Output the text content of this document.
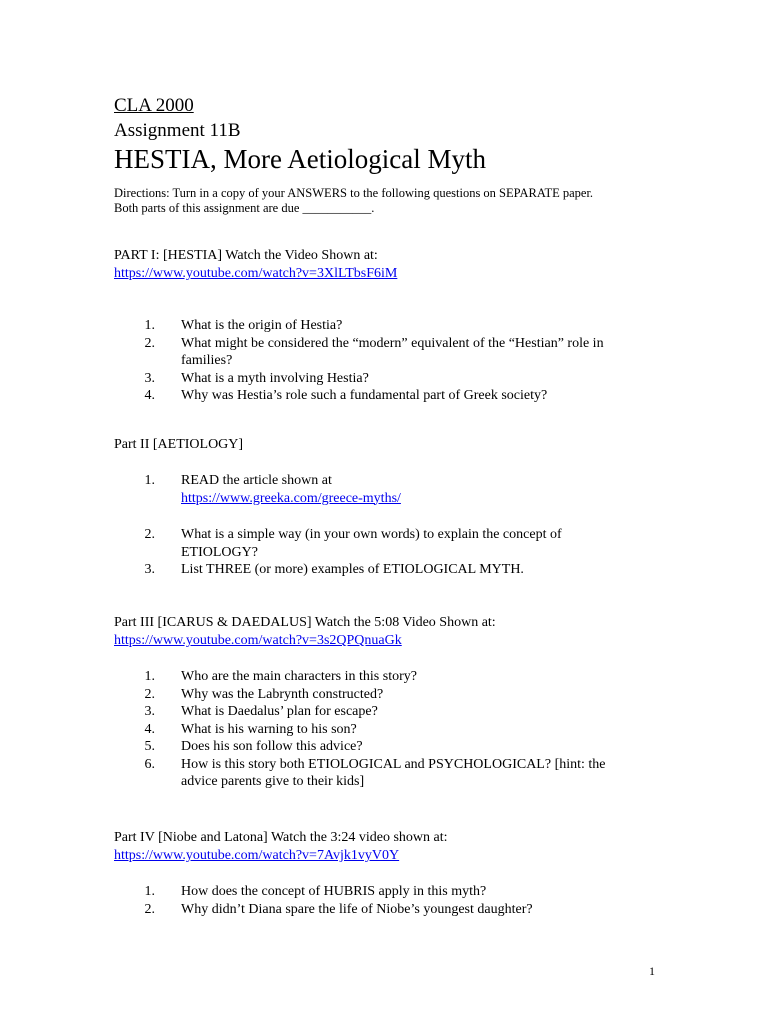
CLA 2000
Assignment 11B
HESTIA, More Aetiological Myth
Directions: Turn in a copy of your ANSWERS to the following questions on SEPARATE paper.
Both parts of this assignment are due ___________.
PART I: [HESTIA] Watch the Video Shown at:
https://www.youtube.com/watch?v=3XlLTbsF6iM
1. What is the origin of Hestia?
2. What might be considered the “modern” equivalent of the “Hestian” role in families?
3. What is a myth involving Hestia?
4. Why was Hestia’s role such a fundamental part of Greek society?
Part II [AETIOLOGY]
1. READ the article shown at
https://www.greeka.com/greece-myths/
2. What is a simple way (in your own words) to explain the concept of ETIOLOGY?
3. List THREE (or more) examples of ETIOLOGICAL MYTH.
Part III [ICARUS & DAEDALUS] Watch the 5:08 Video Shown at:
https://www.youtube.com/watch?v=3s2QPQnuaGk
1. Who are the main characters in this story?
2. Why was the Labrynth constructed?
3. What is Daedalus’ plan for escape?
4. What is his warning to his son?
5. Does his son follow this advice?
6. How is this story both ETIOLOGICAL and PSYCHOLOGICAL? [hint: the advice parents give to their kids]
Part IV [Niobe and Latona] Watch the 3:24 video shown at:
https://www.youtube.com/watch?v=7Avjk1vyV0Y
1. How does the concept of HUBRIS apply in this myth?
2. Why didn’t Diana spare the life of Niobe’s youngest daughter?
1
